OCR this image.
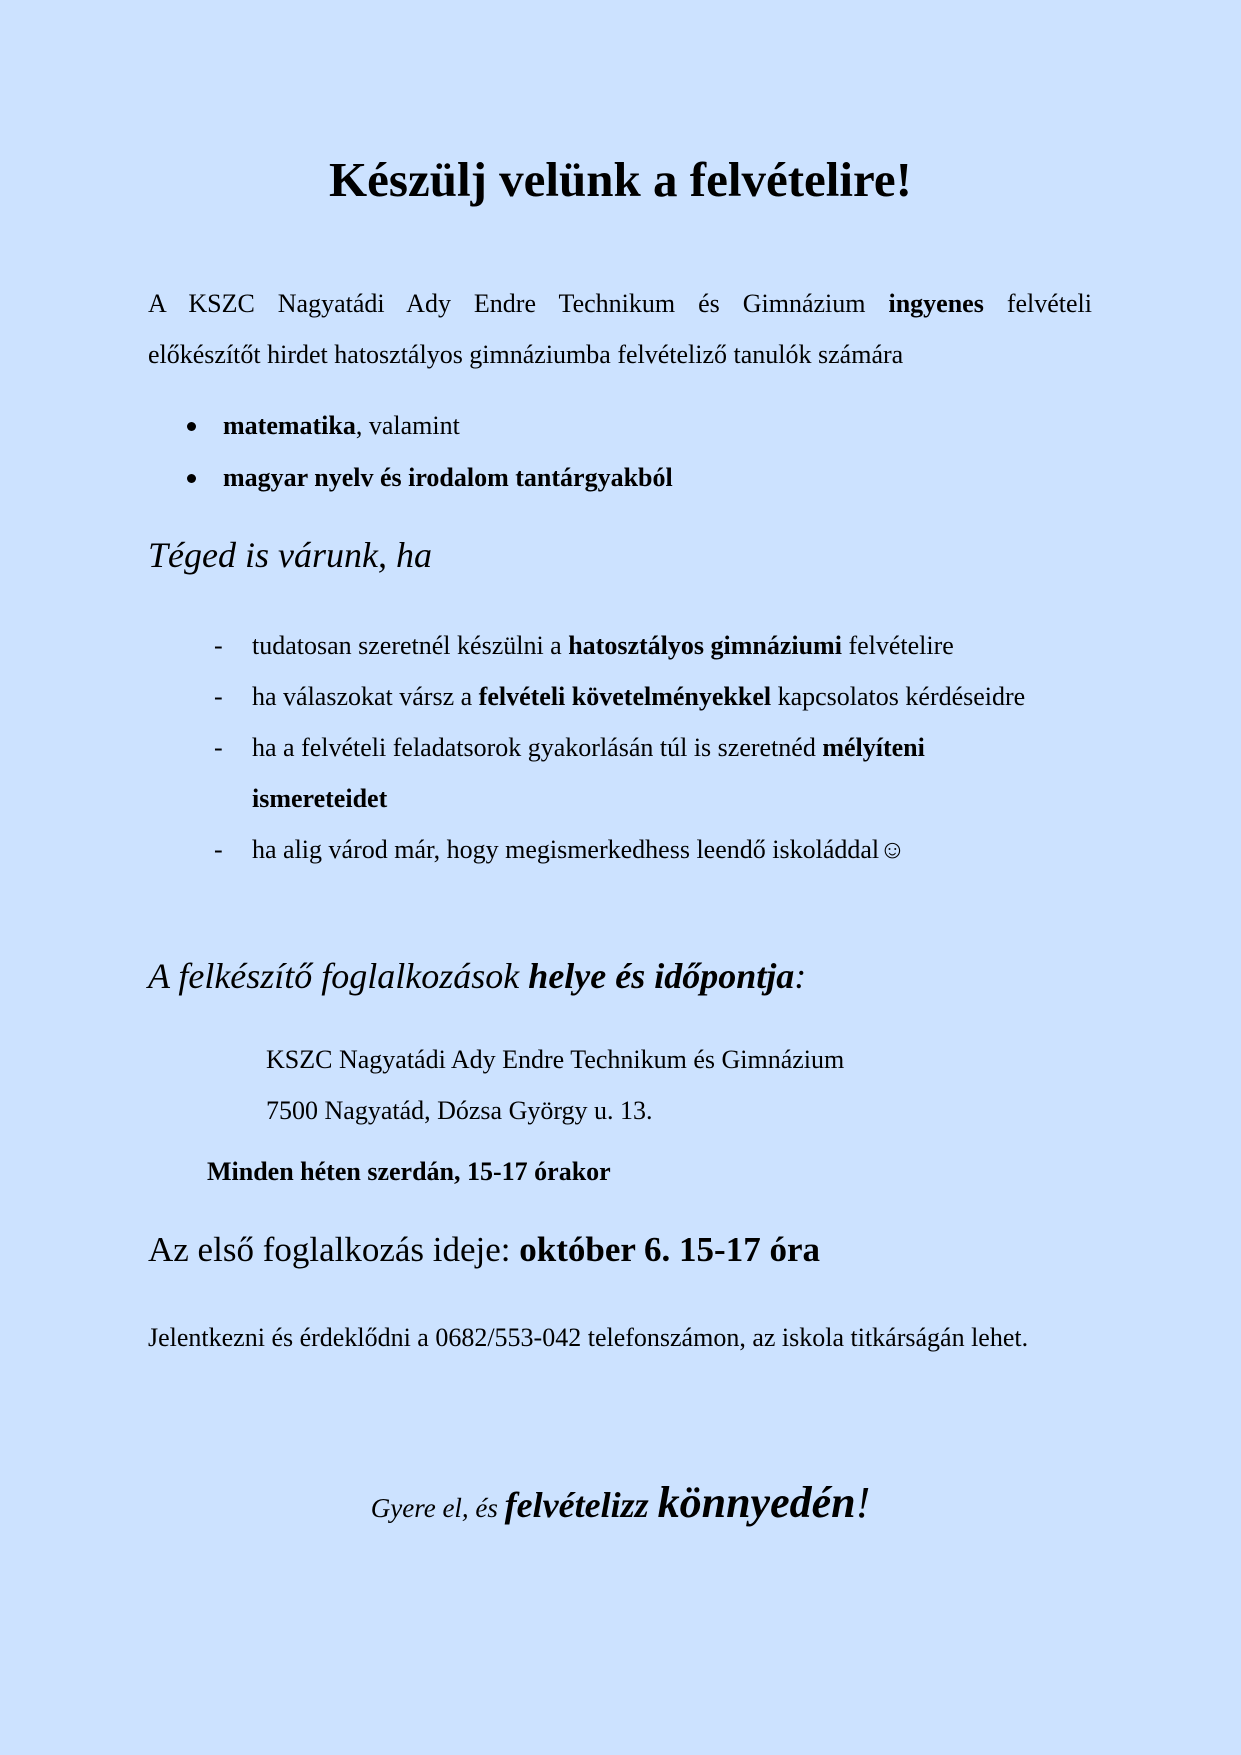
Készülj velünk a felvételire!
A KSZC Nagyatádi Ady Endre Technikum és Gimnázium ingyenes felvételi
előkészítőt hirdet hatosztályos gimnáziumba felvételiző tanulók számára
matematika, valamint
magyar nyelv és irodalom tantárgyakból
Téged is várunk, ha
- tudatosan szeretnél készülni a hatosztályos gimnáziumi felvételire
- ha válaszokat vársz a felvételi követelményekkel kapcsolatos kérdéseidre
- ha a felvételi feladatsorok gyakorlásán túl is szeretnéd mélyíteni ismereteidet
- ha alig várod már, hogy megismerkedhess leendő iskoláddal☺
A felkészítő foglalkozások helye és időpontja:
KSZC Nagyatádi Ady Endre Technikum és Gimnázium
7500 Nagyatád, Dózsa György u. 13.
Minden héten szerdán, 15-17 órakor
Az első foglalkozás ideje: október 6. 15-17 óra
Jelentkezni és érdeklődni a 0682/553-042 telefonszámon, az iskola titkárságán lehet.
Gyere el, és felvételizz könnyedén!
